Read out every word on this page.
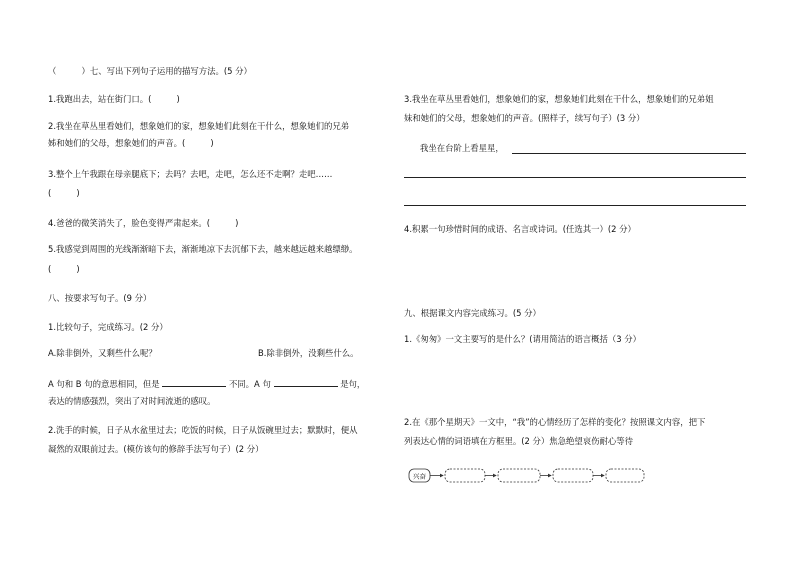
（　　　）七、写出下列句子运用的描写方法。(5 分）
1.我跑出去，站在街门口。(　　　)
2.我坐在草丛里看她们，想象她们的家，想象她们此刻在干什么，想象她们的兄弟
姊和她们的父母，想象她们的声音。(　　　)
3.整个上午我跟在母亲腿底下；去吗？去吧，走吧，怎么还不走啊？走吧……
(　　　)
4.爸爸的微笑消失了，脸色变得严肃起来。(　　　)
5.我感觉到周围的光线渐渐暗下去，渐渐地凉下去沉郁下去，越来越远越来越缥缈。
(　　　)
八、按要求写句子。(9 分）
1.比较句子，完成练习。(2 分）
A.除非倒外，又剩些什么呢？	B.除非倒外，没剩些什么。
A 句和 B 句的意思相同，但是	不同。A 句	是句，
表达的情感强烈，突出了对时间流逝的感叹。
2.洗手的时候，日子从水盆里过去；吃饭的时候，日子从饭碗里过去；默默时，便从
凝然的双眼前过去。(模仿该句的修辞手法写句子）(2 分）
3.我坐在草丛里看她们，想象她们的家，想象她们此刻在干什么，想象她们的兄弟姐
妹和她们的父母，想象她们的声音。(照样子，续写句子）(3 分）
我坐在台阶上看星星，
4.积累一句珍惜时间的成语、名言或诗词。(任选其一）(2 分）
九、根据课文内容完成练习。(5 分）
1.《匆匆》一文主要写的是什么？(请用简洁的语言概括（3 分）
2.在《那个星期天》一文中，“我”的心情经历了怎样的变化？按照课文内容，把下
列表达心情的词语填在方框里。(2 分）焦急绝望哀伤耐心等待
兴奋
